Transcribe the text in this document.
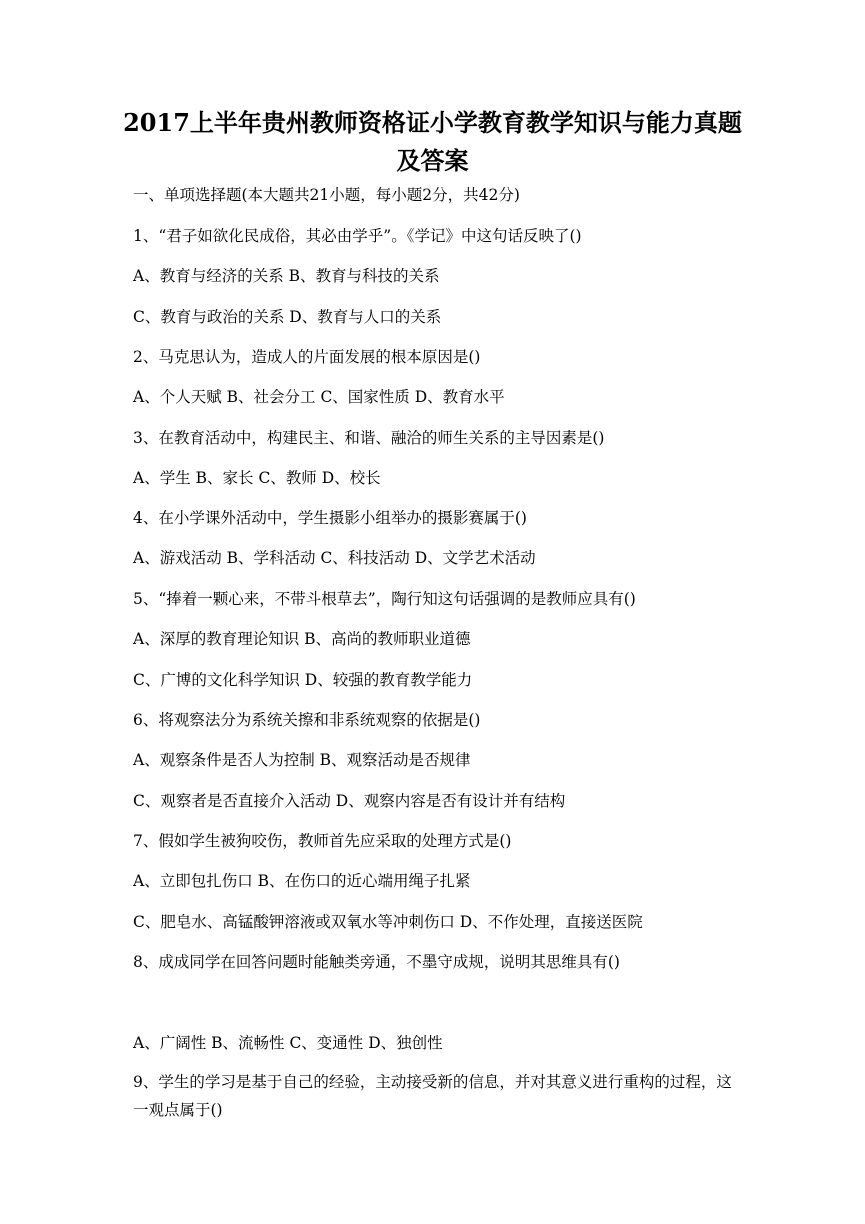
2017上半年贵州教师资格证小学教育教学知识与能力真题
及答案
一、单项选择题(本大题共21小题，每小题2分，共42分)
1、“君子如欲化民成俗，其必由学乎”。《学记》中这句话反映了()
A、教育与经济的关系 B、教育与科技的关系
C、教育与政治的关系 D、教育与人口的关系
2、马克思认为，造成人的片面发展的根本原因是()
A、个人天赋 B、社会分工 C、国家性质 D、教育水平
3、在教育活动中，构建民主、和谐、融洽的师生关系的主导因素是()
A、学生 B、家长 C、教师 D、校长
4、在小学课外活动中，学生摄影小组举办的摄影赛属于()
A、游戏活动 B、学科活动 C、科技活动 D、文学艺术活动
5、“捧着一颗心来，不带斗根草去”，陶行知这句话强调的是教师应具有()
A、深厚的教育理论知识 B、高尚的教师职业道德
C、广博的文化科学知识 D、较强的教育教学能力
6、将观察法分为系统关擦和非系统观察的依据是()
A、观察条件是否人为控制 B、观察活动是否规律
C、观察者是否直接介入活动 D、观察内容是否有设计并有结构
7、假如学生被狗咬伤，教师首先应采取的处理方式是()
A、立即包扎伤口 B、在伤口的近心端用绳子扎紧
C、肥皂水、高锰酸钾溶液或双氧水等冲刺伤口 D、不作处理，直接送医院
8、成成同学在回答问题时能触类旁通，不墨守成规，说明其思维具有()
A、广阔性 B、流畅性 C、变通性 D、独创性
9、学生的学习是基于自己的经验，主动接受新的信息，并对其意义进行重构的过程，这一观点属于()
